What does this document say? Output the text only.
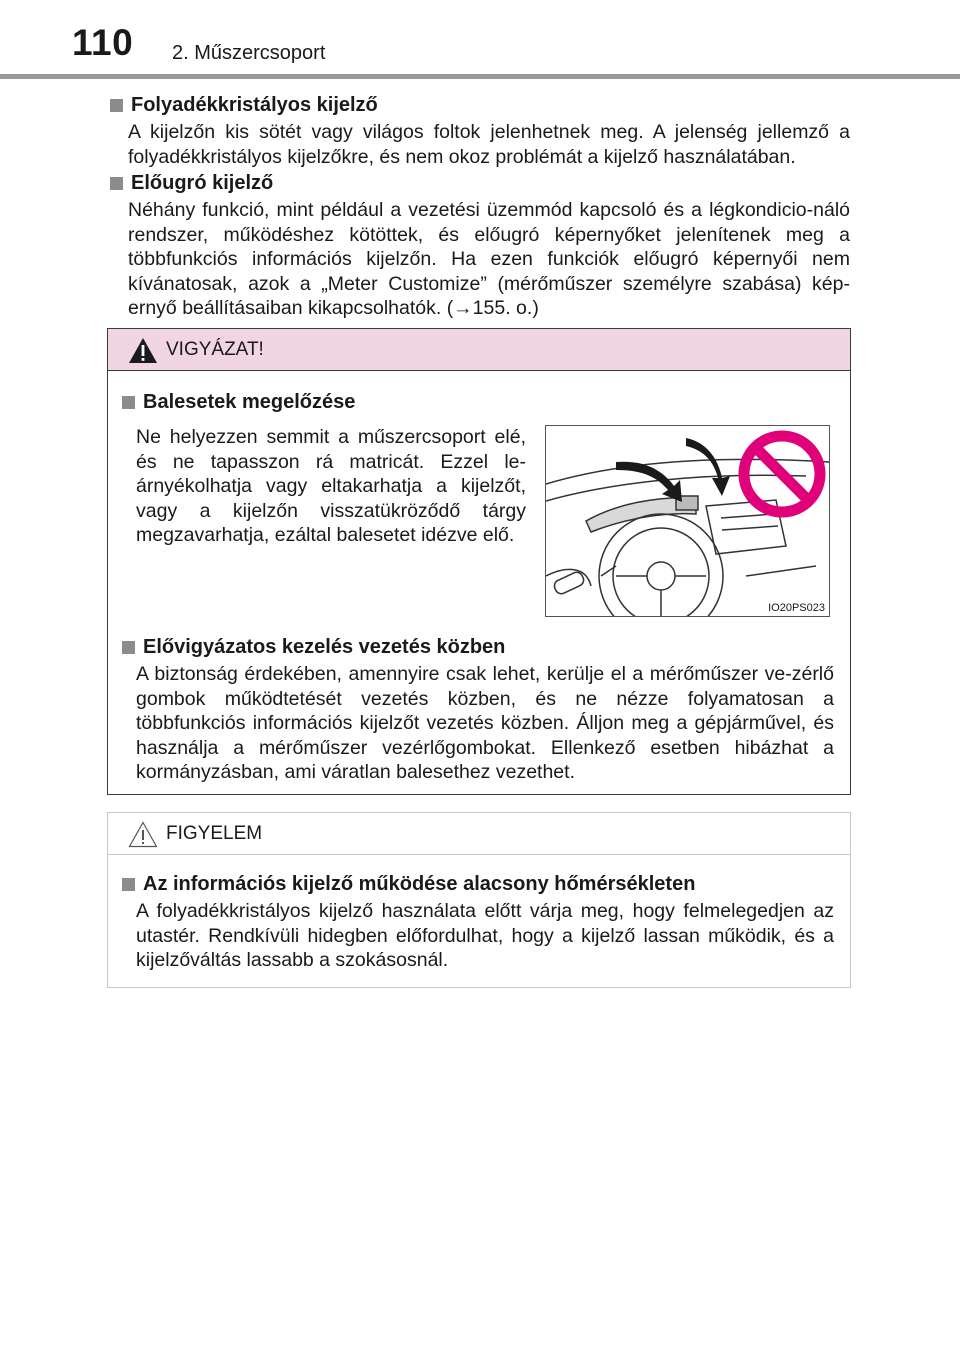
110 2. Műszercsoport
Folyadékkristályos kijelző

A kijelzőn kis sötét vagy világos foltok jelenhetnek meg. A jelenség jellemző a folyadékkristályos kijelzőkre, és nem okoz problémát a kijelző használatában.

Előugró kijelző

Néhány funkció, mint például a vezetési üzemmód kapcsoló és a légkondicio-náló rendszer, működéshez kötöttek, és előugró képernyőket jelenítenek meg a többfunkciós információs kijelzőn. Ha ezen funkciók előugró képernyői nem kívánatosak, azok a „Meter Customize” (mérőműszer személyre szabása) kép-ernyő beállításaiban kikapcsolhatók. (→155. o.)

VIGYÁZAT!
Balesetek megelőzése

Ne helyezzen semmit a műszercsoport elé, és ne tapasszon rá matricát. Ezzel le-árnyékolhatja vagy eltakarhatja a kijelzőt, vagy a kijelzőn visszatükröződő tárgy megzavarhatja, ezáltal balesetet idézve elő.

IO20PS023
Elővigyázatos kezelés vezetés közben

A biztonság érdekében, amennyire csak lehet, kerülje el a mérőműszer ve-zérlő gombok működtetését vezetés közben, és ne nézze folyamatosan a többfunkciós információs kijelzőt vezetés közben. Álljon meg a gépjárművel, és használja a mérőműszer vezérlőgombokat. Ellenkező esetben hibázhat a kormányzásban, ami váratlan balesethez vezethet.

FIGYELEM
Az információs kijelző működése alacsony hőmérsékleten

A folyadékkristályos kijelző használata előtt várja meg, hogy felmelegedjen az utastér. Rendkívüli hidegben előfordulhat, hogy a kijelző lassan működik, és a kijelzőváltás lassabb a szokásosnál.
